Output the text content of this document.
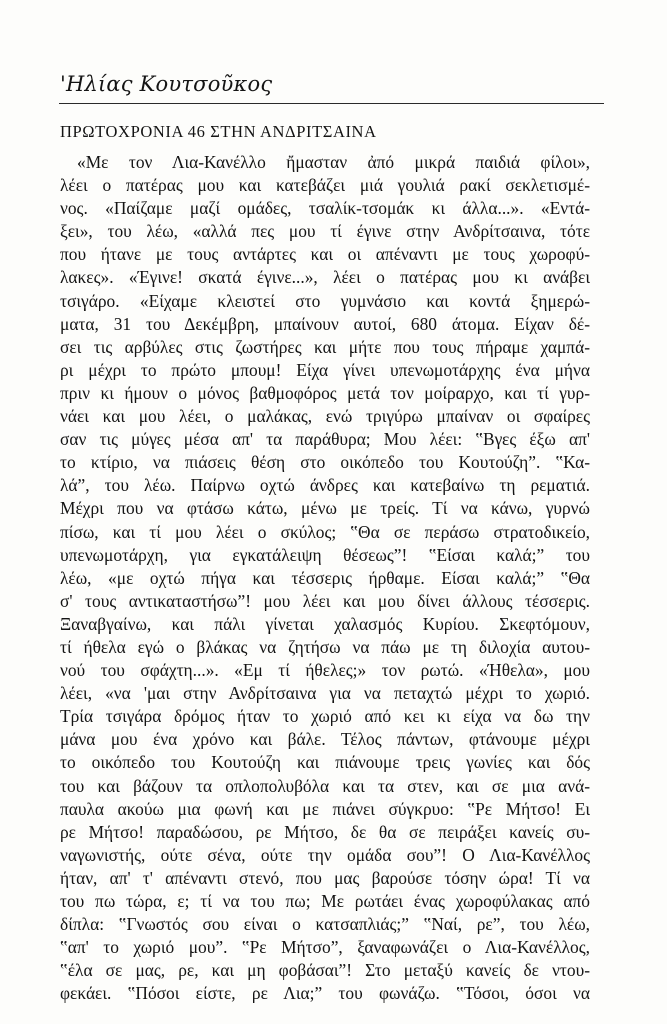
'Ηλίας Κουτσοῦκος
ΠΡΩΤΟΧΡΟΝΙΑ 46 ΣΤΗΝ ΑΝΔΡΙΤΣΑΙΝΑ
«Με τον Λια-Κανέλλο ἤμασταν ἀπό μικρά παιδιά φίλοι»,
λέει ο πατέρας μου και κατεβάζει μιά γουλιά ρακί σεκλετισμέ-
νος. «Παίζαμε μαζί ομάδες, τσαλίκ-τσομάκ κι άλλα...». «Εντά-
ξει», του λέω, «αλλά πες μου τί έγινε στην Ανδρίτσαινα, τότε
που ήτανε με τους αντάρτες και οι απέναντι με τους χωροφύ-
λακες». «Έγινε! σκατά έγινε...», λέει ο πατέρας μου κι ανάβει
τσιγάρο. «Είχαμε κλειστεί στο γυμνάσιο και κοντά ξημερώ-
ματα, 31 του Δεκέμβρη, μπαίνουν αυτοί, 680 άτομα. Είχαν δέ-
σει τις αρβύλες στις ζωστήρες και μήτε που τους πήραμε χαμπά-
ρι μέχρι το πρώτο μπουμ! Είχα γίνει υπενωμοτάρχης ένα μήνα
πριν κι ήμουν ο μόνος βαθμοφόρος μετά τον μοίραρχο, και τί γυρ-
νάει και μου λέει, ο μαλάκας, ενώ τριγύρω μπαίναν οι σφαίρες
σαν τις μύγες μέσα απ' τα παράθυρα; Μου λέει: ‟Βγες έξω απ'
το κτίριο, να πιάσεις θέση στο οικόπεδο του Κουτούζη”. ‟Κα-
λά”, του λέω. Παίρνω οχτώ άνδρες και κατεβαίνω τη ρεματιά.
Μέχρι που να φτάσω κάτω, μένω με τρείς. Τί να κάνω, γυρνώ
πίσω, και τί μου λέει ο σκύλος; ‟Θα σε περάσω στρατοδικείο,
υπενωμοτάρχη, για εγκατάλειψη θέσεως”! ‟Είσαι καλά;” του
λέω, «με οχτώ πήγα και τέσσερις ήρθαμε. Είσαι καλά;” ‟Θα
σ' τους αντικαταστήσω”! μου λέει και μου δίνει άλλους τέσσερις.
Ξαναβγαίνω, και πάλι γίνεται χαλασμός Κυρίου. Σκεφτόμουν,
τί ήθελα εγώ ο βλάκας να ζητήσω να πάω με τη διλοχία αυτου-
νού του σφάχτη...». «Εμ τί ήθελες;» τον ρωτώ. «Ήθελα», μου
λέει, «να 'μαι στην Ανδρίτσαινα για να πεταχτώ μέχρι το χωριό.
Τρία τσιγάρα δρόμος ήταν το χωριό από κει κι είχα να δω την
μάνα μου ένα χρόνο και βάλε. Τέλος πάντων, φτάνουμε μέχρι
το οικόπεδο του Κουτούζη και πιάνουμε τρεις γωνίες και δός
του και βάζουν τα οπλοπολυβόλα και τα στεν, και σε μια ανά-
παυλα ακούω μια φωνή και με πιάνει σύγκρυο: ‟Ρε Μήτσο! Ει
ρε Μήτσο! παραδώσου, ρε Μήτσο, δε θα σε πειράξει κανείς συ-
ναγωνιστής, ούτε σένα, ούτε την ομάδα σου”! Ο Λια-Κανέλλος
ήταν, απ' τ' απέναντι στενό, που μας βαρούσε τόσην ώρα! Τί να
του πω τώρα, ε; τί να του πω; Με ρωτάει ένας χωροφύλακας από
δίπλα: ‟Γνωστός σου είναι ο κατσαπλιάς;” ‟Ναί, ρε”, του λέω,
‟απ' το χωριό μου”. ‟Ρε Μήτσο”, ξαναφωνάζει ο Λια-Κανέλλος,
‟έλα σε μας, ρε, και μη φοβάσαι”! Στο μεταξύ κανείς δε ντου-
φεκάει. ‟Πόσοι είστε, ρε Λια;” του φωνάζω. ‟Τόσοι, όσοι να
